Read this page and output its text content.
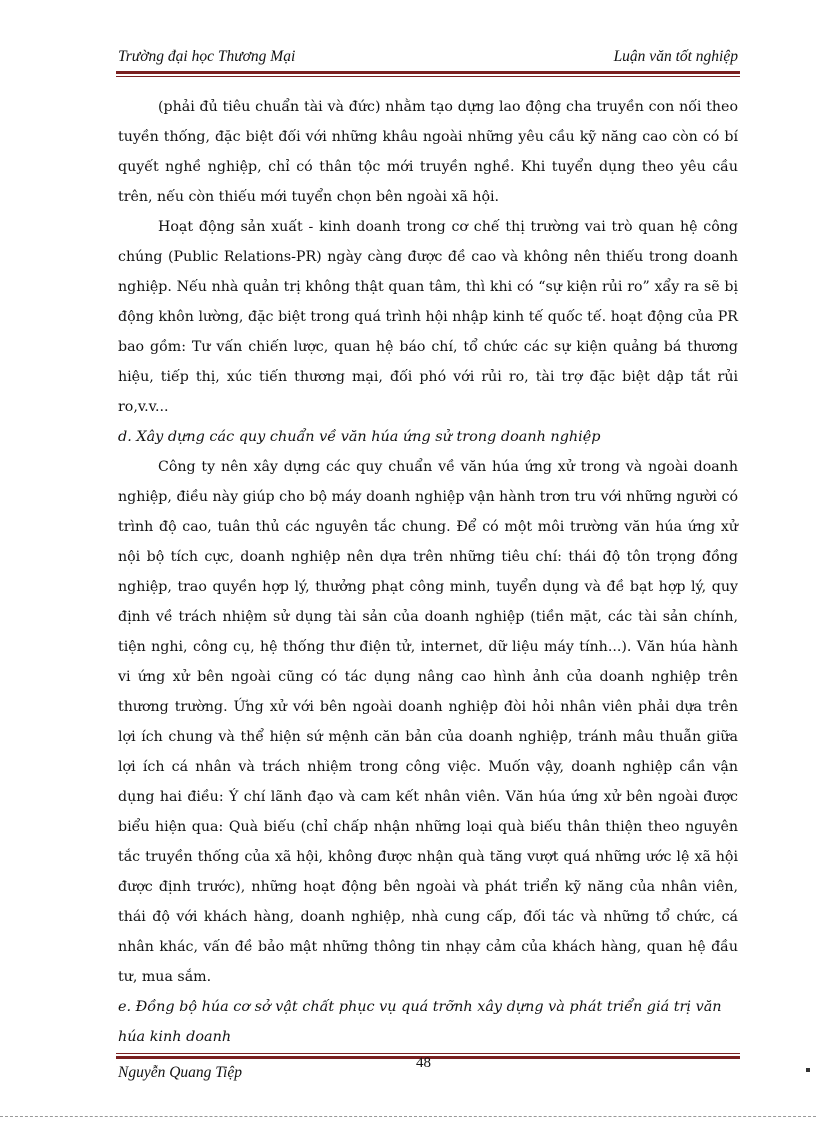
Trường đại học Thương Mại	Luận văn tốt nghiệp

(phải đủ tiêu chuẩn tài và đức) nhằm tạo dựng lao động cha truyền con nối theo tuyền thống, đặc biệt đối với những khâu ngoài những yêu cầu kỹ năng cao còn có bí quyết nghề nghiệp, chỉ có thân tộc mới truyền nghề. Khi tuyển dụng theo yêu cầu trên, nếu còn thiếu mới tuyển chọn bên ngoài xã hội.

Hoạt động sản xuất - kinh doanh trong cơ chế thị trường vai trò quan hệ công chúng (Public Relations-PR) ngày càng được đề cao và không nên thiếu trong doanh nghiệp. Nếu nhà quản trị không thật quan tâm, thì khi có “sự kiện rủi ro” xẩy ra sẽ bị động khôn lường, đặc biệt trong quá trình hội nhập kinh tế quốc tế. hoạt động của PR bao gồm: Tư vấn chiến lược, quan hệ báo chí, tổ chức các sự kiện quảng bá thương hiệu, tiếp thị, xúc tiến thương mại, đối phó với rủi ro, tài trợ đặc biệt dập tắt rủi ro,v.v...

d. Xây dựng các quy chuẩn về văn húa ứng sử trong doanh nghiệp

Công ty nên xây dựng các quy chuẩn về văn húa ứng xử trong và ngoài doanh nghiệp, điều này giúp cho bộ máy doanh nghiệp vận hành trơn tru với những người có trình độ cao, tuân thủ các nguyên tắc chung. Để có một môi trường văn húa ứng xử nội bộ tích cực, doanh nghiệp nên dựa trên những tiêu chí: thái độ tôn trọng đồng nghiệp, trao quyền hợp lý, thưởng phạt công minh, tuyển dụng và đề bạt hợp lý, quy định về trách nhiệm sử dụng tài sản của doanh nghiệp (tiền mặt, các tài sản chính, tiện nghi, công cụ, hệ thống thư điện tử, internet, dữ liệu máy tính...). Văn húa hành vi ứng xử bên ngoài cũng có tác dụng nâng cao hình ảnh của doanh nghiệp trên thương trường. Ứng xử với bên ngoài doanh nghiệp đòi hỏi nhân viên phải dựa trên lợi ích chung và thể hiện sứ mệnh căn bản của doanh nghiệp, tránh mâu thuẫn giữa lợi ích cá nhân và trách nhiệm trong công việc. Muốn vậy, doanh nghiệp cần vận dụng hai điều: Ý chí lãnh đạo và cam kết nhân viên. Văn húa ứng xử bên ngoài được biểu hiện qua: Quà biếu (chỉ chấp nhận những loại quà biếu thân thiện theo nguyên tắc truyền thống của xã hội, không được nhận quà tăng vượt quá những ước lệ xã hội được định trước), những hoạt động bên ngoài và phát triển kỹ năng của nhân viên, thái độ với khách hàng, doanh nghiệp, nhà cung cấp, đối tác và những tổ chức, cá nhân khác, vấn đề bảo mật những thông tin nhạy cảm của khách hàng, quan hệ đầu tư, mua sắm.

e. Đồng bộ húa cơ sở vật chất phục vụ quá trỡnh xây dựng và phát triển giá trị văn húa kinh doanh

48
Nguyễn Quang Tiệp
